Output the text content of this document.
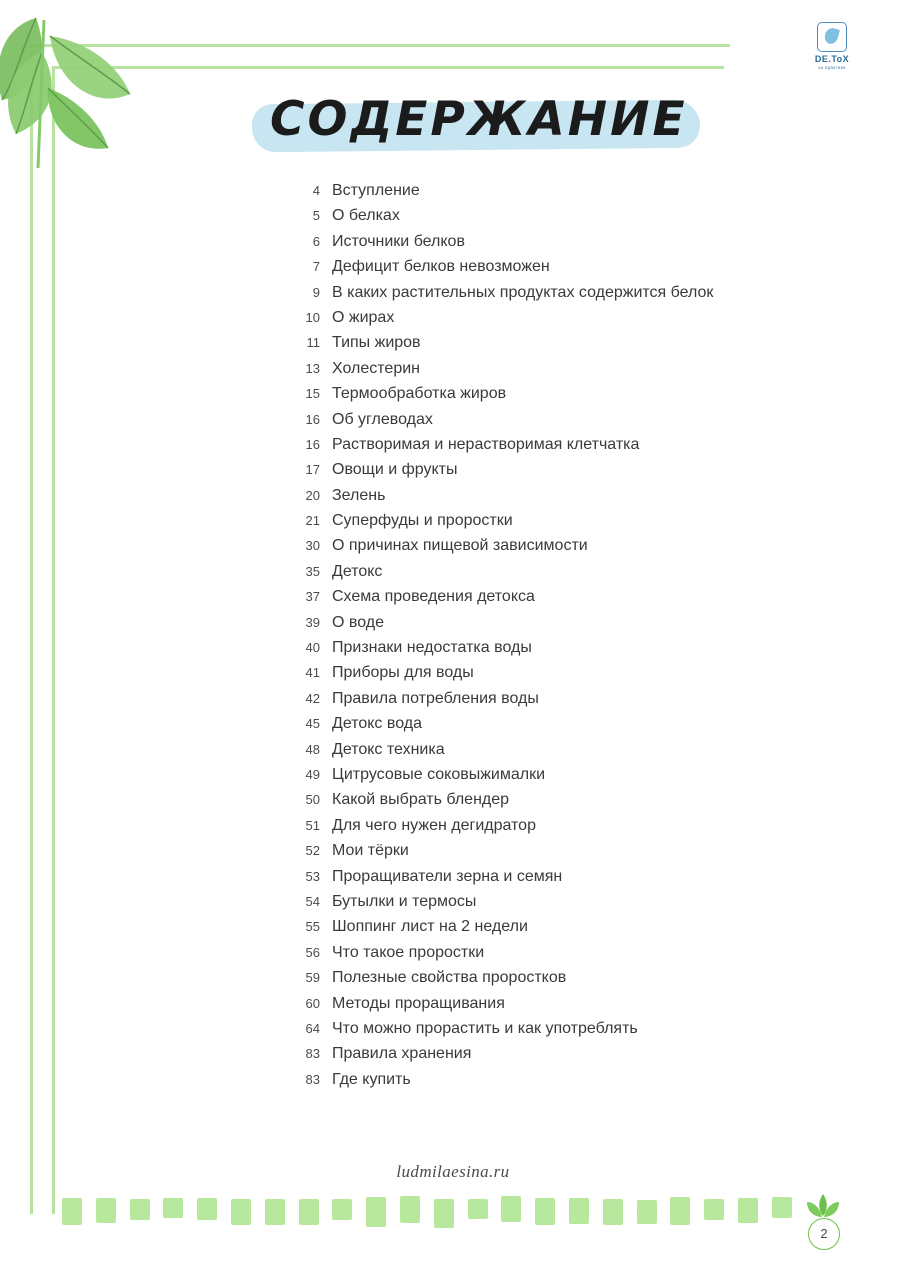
DE.ToX
за практике
СОДЕРЖАНИЕ
4 Вступление
5 О белках
6 Источники белков
7 Дефицит белков невозможен
9 В каких растительных продуктах содержится белок
10 О жирах
11 Типы жиров
13 Холестерин
15 Термообработка жиров
16 Об углеводах
16 Растворимая и нерастворимая клетчатка
17 Овощи и фрукты
20 Зелень
21 Суперфуды и проростки
30 О причинах пищевой зависимости
35 Детокс
37 Схема проведения детокса
39 О воде
40 Признаки недостатка воды
41 Приборы для воды
42 Правила потребления воды
45 Детокс вода
48 Детокс техника
49 Цитрусовые соковыжималки
50 Какой выбрать блендер
51 Для чего нужен дегидратор
52 Мои тёрки
53 Проращиватели зерна и семян
54 Бутылки и термосы
55 Шоппинг лист на 2 недели
56 Что такое проростки
59 Полезные свойства проростков
60 Методы проращивания
64 Что можно прорастить и как употреблять
83 Правила хранения
83 Где купить
ludmilaesina.ru
2
